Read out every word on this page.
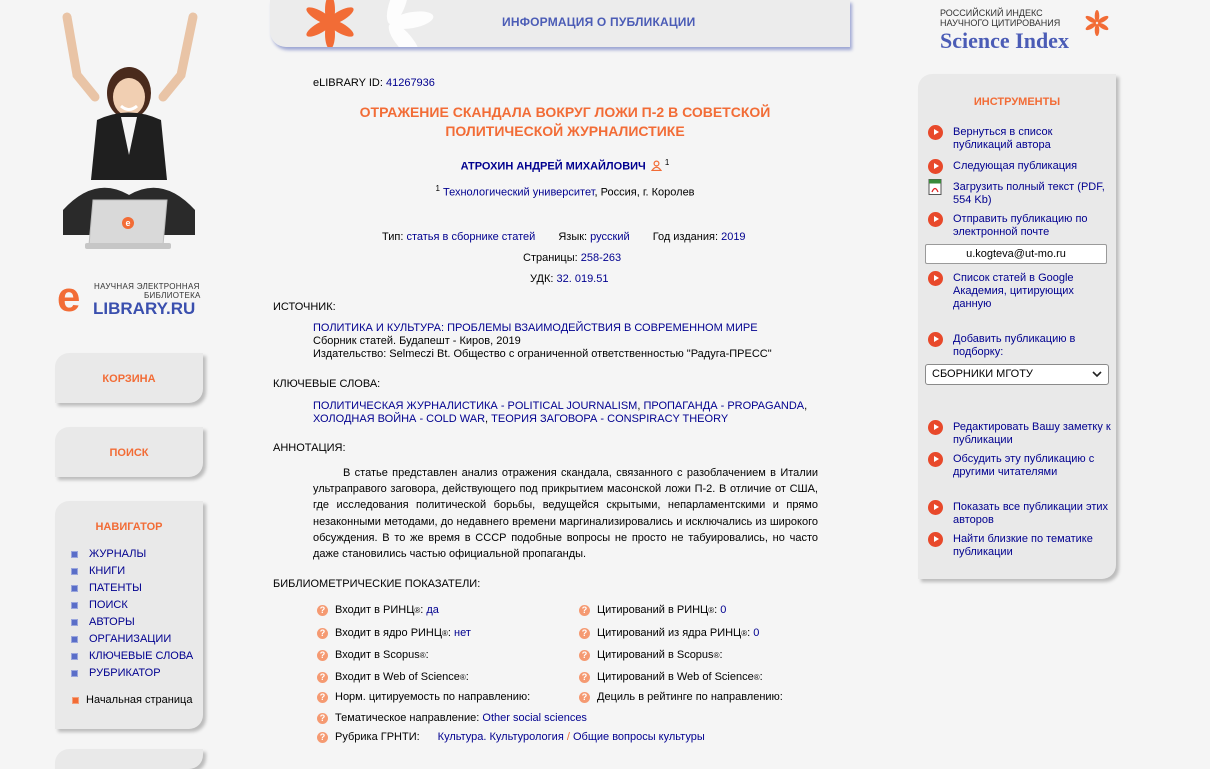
e
e НАУЧНАЯ ЭЛЕКТРОННАЯ
БИБЛИОТЕКА
LIBRARY.RU
КОРЗИНА
ПОИСК
НАВИГАТОР
ЖУРНАЛЫ
КНИГИ
ПАТЕНТЫ
ПОИСК
АВТОРЫ
ОРГАНИЗАЦИИ
КЛЮЧЕВЫЕ СЛОВА
РУБРИКАТОР
Начальная страница
ИНФОРМАЦИЯ О ПУБЛИКАЦИИ
РОССИЙСКИЙ ИНДЕКС
НАУЧНОГО ЦИТИРОВАНИЯ
Science Index
eLIBRARY ID: 41267936
ОТРАЖЕНИЕ СКАНДАЛА ВОКРУГ ЛОЖИ П-2 В СОВЕТСКОЙ
ПОЛИТИЧЕСКОЙ ЖУРНАЛИСТИКЕ
АТРОХИН АНДРЕЙ МИХАЙЛОВИЧ $^1$
$^1$ Технологический университет, Россия, г. Королев
Тип: статья в сборнике статей Язык: русский Год издания: 2019
Страницы: 258-263
УДК: 32. 019.51
ИСТОЧНИК:
ПОЛИТИКА И КУЛЬТУРА: ПРОБЛЕМЫ ВЗАИМОДЕЙСТВИЯ В СОВРЕМЕННОМ МИРЕ
Сборник статей. Будапешт - Киров, 2019
Издательство: Selmeczi Bt. Общество с ограниченной ответственностью "Радуга-ПРЕСС"
КЛЮЧЕВЫЕ СЛОВА:
ПОЛИТИЧЕСКАЯ ЖУРНАЛИСТИКА - POLITICAL JOURNALISM, ПРОПАГАНДА - PROPAGANDA,
ХОЛОДНАЯ ВОЙНА - COLD WAR, ТЕОРИЯ ЗАГОВОРА - CONSPIRACY THEORY
АННОТАЦИЯ:
В статье представлен анализ отражения скандала, связанного с разоблачением в Италии ультраправого заговора, действующего под прикрытием масонской ложи П-2. В отличие от США, где исследования политической борьбы, ведущейся скрытыми, непарламентскими и прямо незаконными методами, до недавнего времени маргинализировались и исключались из широкого обсуждения. В то же время в СССР подобные вопросы не просто не табуировались, но часто даже становились частью официальной пропаганды.
БИБЛИОМЕТРИЧЕСКИЕ ПОКАЗАТЕЛИ:
? Входит в РИНЦ ® : да
? Входит в ядро РИНЦ ® : нет
? Входит в Scopus ® :
? Входит в Web of Science ® :
? Норм. цитируемость по направлению:
? Цитирований в РИНЦ ® : 0
? Цитирований из ядра РИНЦ ® : 0
? Цитирований в Scopus ® :
? Цитирований в Web of Science ® :
? Дециль в рейтинге по направлению:
? Тематическое направление:
Other social sciences
? Рубрика ГРНТИ: Культура. Культурология
/
Общие вопросы культуры
ИНСТРУМЕНТЫ
Вернуться в список публикаций автора
Следующая публикация
Загрузить полный текст (PDF, 554 Kb)
Отправить публикацию по электронной почте
u.kogteva@ut-mo.ru
Список статей в Google Академия, цитирующих данную
Добавить публикацию в подборку:
СБОРНИКИ МГОТУ
Редактировать Вашу заметку к публикации
Обсудить эту публикацию с другими читателями
Показать все публикации этих авторов
Найти близкие по тематике публикации
